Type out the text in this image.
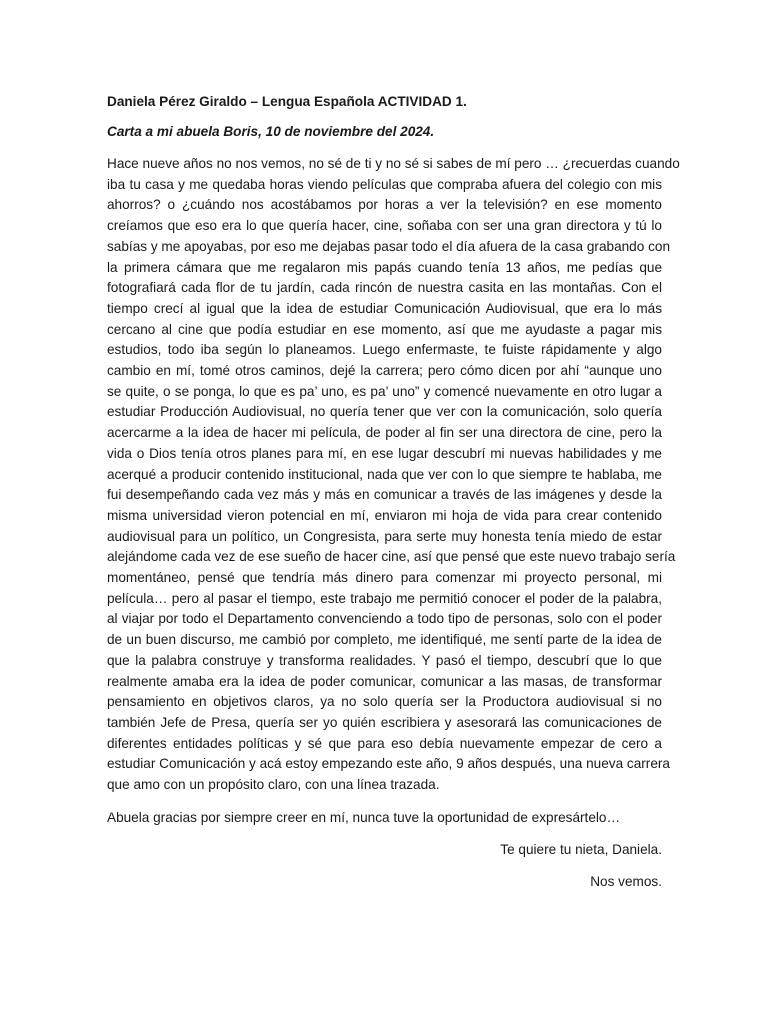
Daniela Pérez Giraldo – Lengua Española ACTIVIDAD 1.

Carta a mi abuela Boris, 10 de noviembre del 2024.

Hace nueve años no nos vemos, no sé de ti y no sé si sabes de mí pero … ¿recuerdas cuando
iba tu casa y me quedaba horas viendo películas que compraba afuera del colegio con mis
ahorros? o ¿cuándo nos acostábamos por horas a ver la televisión? en ese momento
creíamos que eso era lo que quería hacer, cine, soñaba con ser una gran directora y tú lo
sabías y me apoyabas, por eso me dejabas pasar todo el día afuera de la casa grabando con
la primera cámara que me regalaron mis papás cuando tenía 13 años, me pedías que
fotografiará cada flor de tu jardín, cada rincón de nuestra casita en las montañas. Con el
tiempo crecí al igual que la idea de estudiar Comunicación Audiovisual, que era lo más
cercano al cine que podía estudiar en ese momento, así que me ayudaste a pagar mis
estudios, todo iba según lo planeamos. Luego enfermaste, te fuiste rápidamente y algo
cambio en mí, tomé otros caminos, dejé la carrera; pero cómo dicen por ahí “aunque uno
se quite, o se ponga, lo que es pa’ uno, es pa’ uno” y comencé nuevamente en otro lugar a
estudiar Producción Audiovisual, no quería tener que ver con la comunicación, solo quería
acercarme a la idea de hacer mi película, de poder al fin ser una directora de cine, pero la
vida o Dios tenía otros planes para mí, en ese lugar descubrí mi nuevas habilidades y me
acerqué a producir contenido institucional, nada que ver con lo que siempre te hablaba, me
fui desempeñando cada vez más y más en comunicar a través de las imágenes y desde la
misma universidad vieron potencial en mí, enviaron mi hoja de vida para crear contenido
audiovisual para un político, un Congresista, para serte muy honesta tenía miedo de estar
alejándome cada vez de ese sueño de hacer cine, así que pensé que este nuevo trabajo sería
momentáneo, pensé que tendría más dinero para comenzar mi proyecto personal, mi
película… pero al pasar el tiempo, este trabajo me permitió conocer el poder de la palabra,
al viajar por todo el Departamento convenciendo a todo tipo de personas, solo con el poder
de un buen discurso, me cambió por completo, me identifiqué, me sentí parte de la idea de
que la palabra construye y transforma realidades. Y pasó el tiempo, descubrí que lo que
realmente amaba era la idea de poder comunicar, comunicar a las masas, de transformar
pensamiento en objetivos claros, ya no solo quería ser la Productora audiovisual si no
también Jefe de Presa, quería ser yo quién escribiera y asesorará las comunicaciones de
diferentes entidades políticas y sé que para eso debía nuevamente empezar de cero a
estudiar Comunicación y acá estoy empezando este año, 9 años después, una nueva carrera
que amo con un propósito claro, con una línea trazada.

Abuela gracias por siempre creer en mí, nunca tuve la oportunidad de expresártelo…

Te quiere tu nieta, Daniela.

Nos vemos.
